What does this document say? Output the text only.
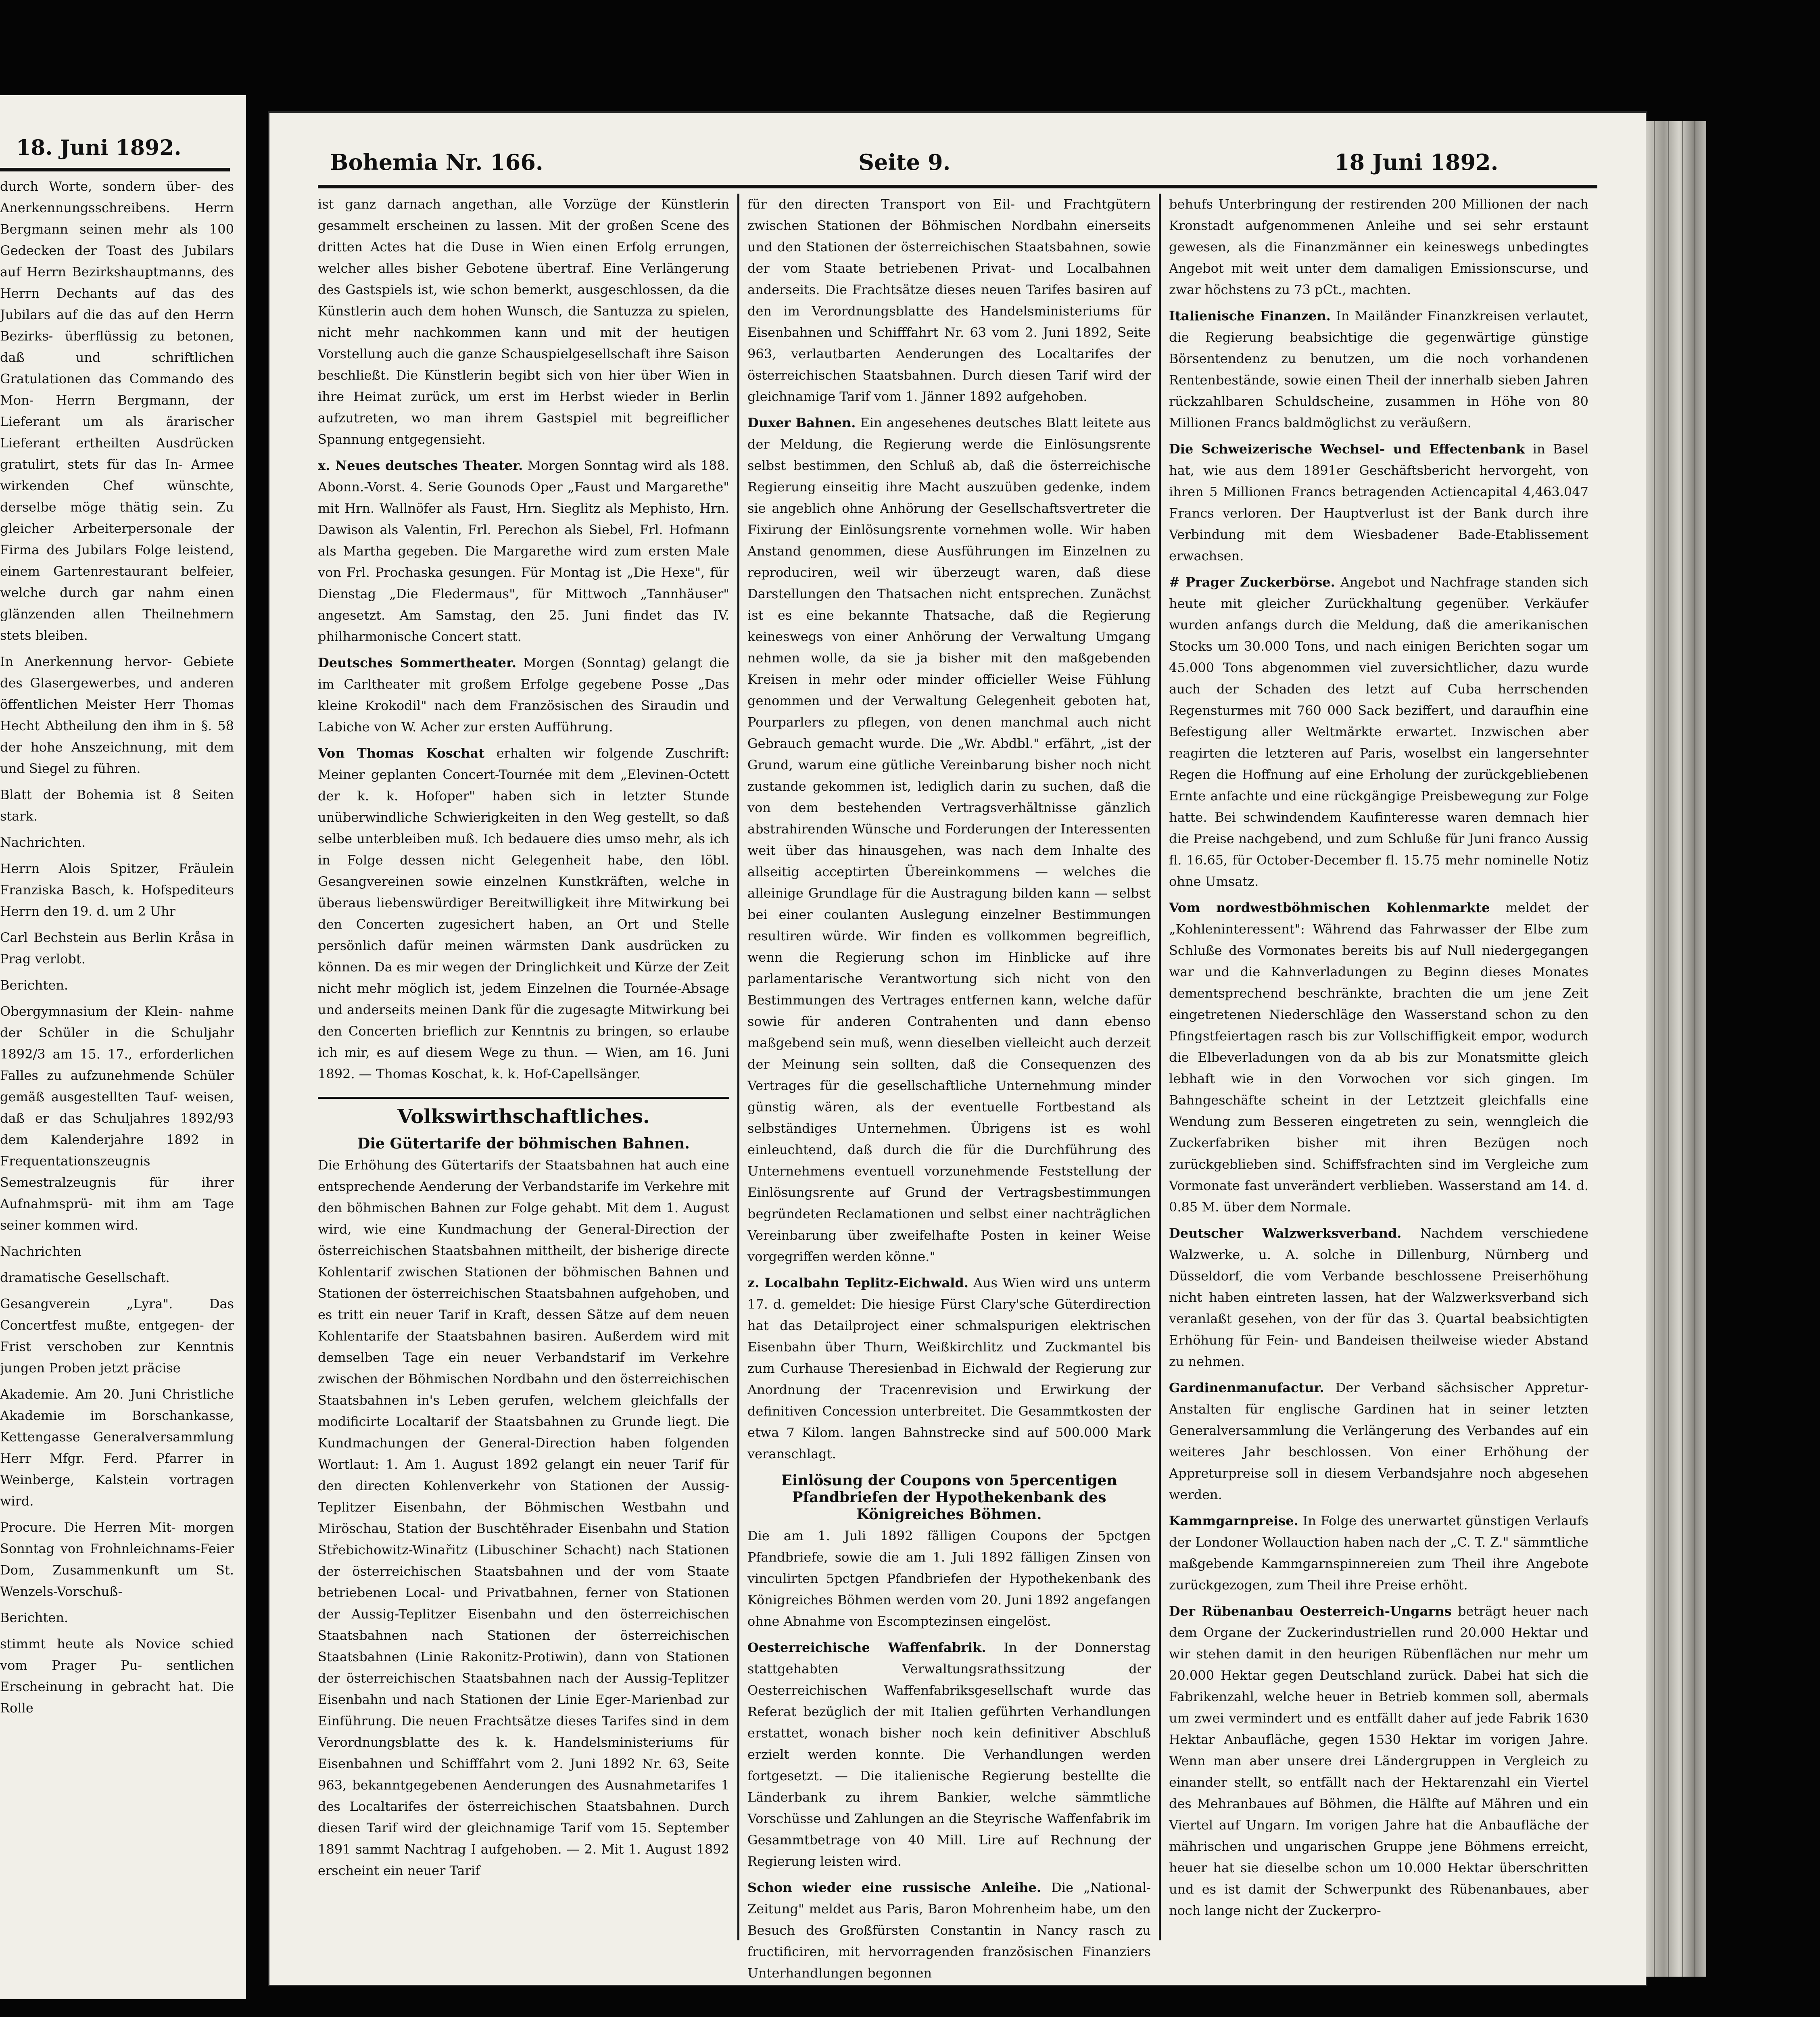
18. Juni 1892.

durch Worte, sondern über- des Anerkennungsschreibens. Herrn Bergmann seinen mehr als 100 Gedecken der Toast des Jubilars auf Herrn Bezirkshauptmanns, des Herrn Dechants auf das des Jubilars auf die das auf den Herrn Bezirks- überflüssig zu betonen, daß und schriftlichen Gratulationen das Commando des Mon- Herrn Bergmann, der Lieferant um als ärarischer Lieferant ertheilten Ausdrücken gratulirt, stets für das In- Armee wirkenden Chef wünschte, derselbe möge thätig sein. Zu gleicher Arbeiterpersonale der Firma des Jubilars Folge leistend, einem Gartenrestaurant belfeier, welche durch gar nahm einen glänzenden allen Theilnehmern stets bleiben.

In Anerkennung hervor- Gebiete des Glasergewerbes, und anderen öffentlichen Meister Herr Thomas Hecht Abtheilung den ihm in §. 58 der hohe Anszeichnung, mit dem und Siegel zu führen.

Blatt der Bohemia ist 8 Seiten stark.

Nachrichten.

Herrn Alois Spitzer, Fräulein Franziska Basch, k. Hofspediteurs Herrn den 19. d. um 2 Uhr

Carl Bechstein aus Berlin Kråsa in Prag verlobt.

Berichten.

Obergymnasium der Klein- nahme der Schüler in die Schuljahr 1892/3 am 15. 17., erforderlichen Falles zu aufzunehmende Schüler gemäß ausgestellten Tauf- weisen, daß er das Schuljahres 1892/93 dem Kalenderjahre 1892 in Frequentationszeugnis Semestralzeugnis für ihrer Aufnahmsprü- mit ihm am Tage seiner kommen wird.

Nachrichten

dramatische Gesellschaft.

Gesangverein „Lyra". Das Concertfest mußte, entgegen- der Frist verschoben zur Kenntnis jungen Proben jetzt präcise

Akademie. Am 20. Juni Christliche Akademie im Borschankasse, Kettengasse Generalversammlung Herr Mfgr. Ferd. Pfarrer in Weinberge, Kalstein vortragen wird.

Procure. Die Herren Mit- morgen Sonntag von Frohnleichnams-Feier Dom, Zusammenkunft um St. Wenzels-Vorschuß-

Berichten.

stimmt heute als Novice schied vom Prager Pu- sentlichen Erscheinung in gebracht hat. Die Rolle

Bohemia Nr. 166.	Seite 9.	18 Juni 1892.

ist ganz darnach angethan, alle Vorzüge der Künstlerin gesammelt erscheinen zu lassen. Mit der großen Scene des dritten Actes hat die Duse in Wien einen Erfolg errungen, welcher alles bisher Gebotene übertraf. Eine Verlängerung des Gastspiels ist, wie schon bemerkt, ausgeschlossen, da die Künstlerin auch dem hohen Wunsch, die Santuzza zu spielen, nicht mehr nachkommen kann und mit der heutigen Vorstellung auch die ganze Schauspielgesellschaft ihre Saison beschließt. Die Künstlerin begibt sich von hier über Wien in ihre Heimat zurück, um erst im Herbst wieder in Berlin aufzutreten, wo man ihrem Gastspiel mit begreiflicher Spannung entgegensieht.

x. Neues deutsches Theater. Morgen Sonntag wird als 188. Abonn.-Vorst. 4. Serie Gounods Oper „Faust und Margarethe" mit Hrn. Wallnöfer als Faust, Hrn. Sieglitz als Mephisto, Hrn. Dawison als Valentin, Frl. Perechon als Siebel, Frl. Hofmann als Martha gegeben. Die Margarethe wird zum ersten Male von Frl. Prochaska gesungen. Für Montag ist „Die Hexe", für Dienstag „Die Fledermaus", für Mittwoch „Tannhäuser" angesetzt. Am Samstag, den 25. Juni findet das IV. philharmonische Concert statt.

Deutsches Sommertheater. Morgen (Sonntag) gelangt die im Carltheater mit großem Erfolge gegebene Posse „Das kleine Krokodil" nach dem Französischen des Siraudin und Labiche von W. Acher zur ersten Aufführung.

Von Thomas Koschat erhalten wir folgende Zuschrift: Meiner geplanten Concert-Tournée mit dem „Elevinen-Octett der k. k. Hofoper" haben sich in letzter Stunde unüberwindliche Schwierigkeiten in den Weg gestellt, so daß selbe unterbleiben muß. Ich bedauere dies umso mehr, als ich in Folge dessen nicht Gelegenheit habe, den löbl. Gesangvereinen sowie einzelnen Kunstkräften, welche in überaus liebenswürdiger Bereitwilligkeit ihre Mitwirkung bei den Concerten zugesichert haben, an Ort und Stelle persönlich dafür meinen wärmsten Dank ausdrücken zu können. Da es mir wegen der Dringlichkeit und Kürze der Zeit nicht mehr möglich ist, jedem Einzelnen die Tournée-Absage und anderseits meinen Dank für die zugesagte Mitwirkung bei den Concerten brieflich zur Kenntnis zu bringen, so erlaube ich mir, es auf diesem Wege zu thun. — Wien, am 16. Juni 1892. — Thomas Koschat, k. k. Hof-Capellsänger.

Volkswirthschaftliches.
Die Gütertarife der böhmischen Bahnen.

Die Erhöhung des Gütertarifs der Staatsbahnen hat auch eine entsprechende Aenderung der Verbandstarife im Verkehre mit den böhmischen Bahnen zur Folge gehabt. Mit dem 1. August wird, wie eine Kundmachung der General-Direction der österreichischen Staatsbahnen mittheilt, der bisherige directe Kohlentarif zwischen Stationen der böhmischen Bahnen und Stationen der österreichischen Staatsbahnen aufgehoben, und es tritt ein neuer Tarif in Kraft, dessen Sätze auf dem neuen Kohlentarife der Staatsbahnen basiren. Außerdem wird mit demselben Tage ein neuer Verbandstarif im Verkehre zwischen der Böhmischen Nordbahn und den österreichischen Staatsbahnen in's Leben gerufen, welchem gleichfalls der modificirte Localtarif der Staatsbahnen zu Grunde liegt. Die Kundmachungen der General-Direction haben folgenden Wortlaut: 1. Am 1. August 1892 gelangt ein neuer Tarif für den directen Kohlenverkehr von Stationen der Aussig-Teplitzer Eisenbahn, der Böhmischen Westbahn und Miröschau, Station der Buschtěhrader Eisenbahn und Station Střebichowitz-Winařitz (Libuschiner Schacht) nach Stationen der österreichischen Staatsbahnen und der vom Staate betriebenen Local- und Privatbahnen, ferner von Stationen der Aussig-Teplitzer Eisenbahn und den österreichischen Staatsbahnen nach Stationen der österreichischen Staatsbahnen (Linie Rakonitz-Protiwin), dann von Stationen der österreichischen Staatsbahnen nach der Aussig-Teplitzer Eisenbahn und nach Stationen der Linie Eger-Marienbad zur Einführung. Die neuen Frachtsätze dieses Tarifes sind in dem Verordnungsblatte des k. k. Handelsministeriums für Eisenbahnen und Schifffahrt vom 2. Juni 1892 Nr. 63, Seite 963, bekanntgegebenen Aenderungen des Ausnahmetarifes 1 des Localtarifes der österreichischen Staatsbahnen. Durch diesen Tarif wird der gleichnamige Tarif vom 15. September 1891 sammt Nachtrag I aufgehoben. — 2. Mit 1. August 1892 erscheint ein neuer Tarif

für den directen Transport von Eil- und Frachtgütern zwischen Stationen der Böhmischen Nordbahn einerseits und den Stationen der österreichischen Staatsbahnen, sowie der vom Staate betriebenen Privat- und Localbahnen anderseits. Die Frachtsätze dieses neuen Tarifes basiren auf den im Verordnungsblatte des Handelsministeriums für Eisenbahnen und Schifffahrt Nr. 63 vom 2. Juni 1892, Seite 963, verlautbarten Aenderungen des Localtarifes der österreichischen Staatsbahnen. Durch diesen Tarif wird der gleichnamige Tarif vom 1. Jänner 1892 aufgehoben.

Duxer Bahnen. Ein angesehenes deutsches Blatt leitete aus der Meldung, die Regierung werde die Einlösungsrente selbst bestimmen, den Schluß ab, daß die österreichische Regierung einseitig ihre Macht auszuüben gedenke, indem sie angeblich ohne Anhörung der Gesellschaftsvertreter die Fixirung der Einlösungsrente vornehmen wolle. Wir haben Anstand genommen, diese Ausführungen im Einzelnen zu reproduciren, weil wir überzeugt waren, daß diese Darstellungen den Thatsachen nicht entsprechen. Zunächst ist es eine bekannte Thatsache, daß die Regierung keineswegs von einer Anhörung der Verwaltung Umgang nehmen wolle, da sie ja bisher mit den maßgebenden Kreisen in mehr oder minder officieller Weise Fühlung genommen und der Verwaltung Gelegenheit geboten hat, Pourparlers zu pflegen, von denen manchmal auch nicht Gebrauch gemacht wurde. Die „Wr. Abdbl." erfährt, „ist der Grund, warum eine gütliche Vereinbarung bisher noch nicht zustande gekommen ist, lediglich darin zu suchen, daß die von dem bestehenden Vertragsverhältnisse gänzlich abstrahirenden Wünsche und Forderungen der Interessenten weit über das hinausgehen, was nach dem Inhalte des allseitig acceptirten Übereinkommens — welches die alleinige Grundlage für die Austragung bilden kann — selbst bei einer coulanten Auslegung einzelner Bestimmungen resultiren würde. Wir finden es vollkommen begreiflich, wenn die Regierung schon im Hinblicke auf ihre parlamentarische Verantwortung sich nicht von den Bestimmungen des Vertrages entfernen kann, welche dafür sowie für anderen Contrahenten und dann ebenso maßgebend sein muß, wenn dieselben vielleicht auch derzeit der Meinung sein sollten, daß die Consequenzen des Vertrages für die gesellschaftliche Unternehmung minder günstig wären, als der eventuelle Fortbestand als selbständiges Unternehmen. Übrigens ist es wohl einleuchtend, daß durch die für die Durchführung des Unternehmens eventuell vorzunehmende Feststellung der Einlösungsrente auf Grund der Vertragsbestimmungen begründeten Reclamationen und selbst einer nachträglichen Vereinbarung über zweifelhafte Posten in keiner Weise vorgegriffen werden könne."

z. Localbahn Teplitz-Eichwald. Aus Wien wird uns unterm 17. d. gemeldet: Die hiesige Fürst Clary'sche Güterdirection hat das Detailproject einer schmalspurigen elektrischen Eisenbahn über Thurn, Weißkirchlitz und Zuckmantel bis zum Curhause Theresienbad in Eichwald der Regierung zur Anordnung der Tracenrevision und Erwirkung der definitiven Concession unterbreitet. Die Gesammtkosten der etwa 7 Kilom. langen Bahnstrecke sind auf 500.000 Mark veranschlagt.

Einlösung der Coupons von 5percentigen Pfandbriefen der Hypothekenbank des Königreiches Böhmen.

Die am 1. Juli 1892 fälligen Coupons der 5pctgen Pfandbriefe, sowie die am 1. Juli 1892 fälligen Zinsen von vinculirten 5pctgen Pfandbriefen der Hypothekenbank des Königreiches Böhmen werden vom 20. Juni 1892 angefangen ohne Abnahme von Escomptezinsen eingelöst.

Oesterreichische Waffenfabrik. In der Donnerstag stattgehabten Verwaltungsrathssitzung der Oesterreichischen Waffenfabriksgesellschaft wurde das Referat bezüglich der mit Italien geführten Verhandlungen erstattet, wonach bisher noch kein definitiver Abschluß erzielt werden konnte. Die Verhandlungen werden fortgesetzt. — Die italienische Regierung bestellte die Länderbank zu ihrem Bankier, welche sämmtliche Vorschüsse und Zahlungen an die Steyrische Waffenfabrik im Gesammtbetrage von 40 Mill. Lire auf Rechnung der Regierung leisten wird.

Schon wieder eine russische Anleihe. Die „National-Zeitung" meldet aus Paris, Baron Mohrenheim habe, um den Besuch des Großfürsten Constantin in Nancy rasch zu fructificiren, mit hervorragenden französischen Finanziers Unterhandlungen begonnen

behufs Unterbringung der restirenden 200 Millionen der nach Kronstadt aufgenommenen Anleihe und sei sehr erstaunt gewesen, als die Finanzmänner ein keineswegs unbedingtes Angebot mit weit unter dem damaligen Emissionscurse, und zwar höchstens zu 73 pCt., machten.

Italienische Finanzen. In Mailänder Finanzkreisen verlautet, die Regierung beabsichtige die gegenwärtige günstige Börsentendenz zu benutzen, um die noch vorhandenen Rentenbestände, sowie einen Theil der innerhalb sieben Jahren rückzahlbaren Schuldscheine, zusammen in Höhe von 80 Millionen Francs baldmöglichst zu veräußern.

Die Schweizerische Wechsel- und Effectenbank in Basel hat, wie aus dem 1891er Geschäftsbericht hervorgeht, von ihren 5 Millionen Francs betragenden Actiencapital 4,463.047 Francs verloren. Der Hauptverlust ist der Bank durch ihre Verbindung mit dem Wiesbadener Bade-Etablissement erwachsen.

# Prager Zuckerbörse. Angebot und Nachfrage standen sich heute mit gleicher Zurückhaltung gegenüber. Verkäufer wurden anfangs durch die Meldung, daß die amerikanischen Stocks um 30.000 Tons, und nach einigen Berichten sogar um 45.000 Tons abgenommen viel zuversichtlicher, dazu wurde auch der Schaden des letzt auf Cuba herrschenden Regensturmes mit 760 000 Sack beziffert, und daraufhin eine Befestigung aller Weltmärkte erwartet. Inzwischen aber reagirten die letzteren auf Paris, woselbst ein langersehnter Regen die Hoffnung auf eine Erholung der zurückgebliebenen Ernte anfachte und eine rückgängige Preisbewegung zur Folge hatte. Bei schwindendem Kaufinteresse waren demnach hier die Preise nachgebend, und zum Schluße für Juni franco Aussig fl. 16.65, für October-December fl. 15.75 mehr nominelle Notiz ohne Umsatz.

Vom nordwestböhmischen Kohlenmarkte meldet der „Kohleninteressent": Während das Fahrwasser der Elbe zum Schluße des Vormonates bereits bis auf Null niedergegangen war und die Kahnverladungen zu Beginn dieses Monates dementsprechend beschränkte, brachten die um jene Zeit eingetretenen Niederschläge den Wasserstand schon zu den Pfingstfeiertagen rasch bis zur Vollschiffigkeit empor, wodurch die Elbeverladungen von da ab bis zur Monatsmitte gleich lebhaft wie in den Vorwochen vor sich gingen. Im Bahngeschäfte scheint in der Letztzeit gleichfalls eine Wendung zum Besseren eingetreten zu sein, wenngleich die Zuckerfabriken bisher mit ihren Bezügen noch zurückgeblieben sind. Schiffsfrachten sind im Vergleiche zum Vormonate fast unverändert verblieben. Wasserstand am 14. d. 0.85 M. über dem Normale.

Deutscher Walzwerksverband. Nachdem verschiedene Walzwerke, u. A. solche in Dillenburg, Nürnberg und Düsseldorf, die vom Verbande beschlossene Preiserhöhung nicht haben eintreten lassen, hat der Walzwerksverband sich veranlaßt gesehen, von der für das 3. Quartal beabsichtigten Erhöhung für Fein- und Bandeisen theilweise wieder Abstand zu nehmen.

Gardinenmanufactur. Der Verband sächsischer Appretur-Anstalten für englische Gardinen hat in seiner letzten Generalversammlung die Verlängerung des Verbandes auf ein weiteres Jahr beschlossen. Von einer Erhöhung der Appreturpreise soll in diesem Verbandsjahre noch abgesehen werden.

Kammgarnpreise. In Folge des unerwartet günstigen Verlaufs der Londoner Wollauction haben nach der „C. T. Z." sämmtliche maßgebende Kammgarnspinnereien zum Theil ihre Angebote zurückgezogen, zum Theil ihre Preise erhöht.

Der Rübenanbau Oesterreich-Ungarns beträgt heuer nach dem Organe der Zuckerindustriellen rund 20.000 Hektar und wir stehen damit in den heurigen Rübenflächen nur mehr um 20.000 Hektar gegen Deutschland zurück. Dabei hat sich die Fabrikenzahl, welche heuer in Betrieb kommen soll, abermals um zwei vermindert und es entfällt daher auf jede Fabrik 1630 Hektar Anbaufläche, gegen 1530 Hektar im vorigen Jahre. Wenn man aber unsere drei Ländergruppen in Vergleich zu einander stellt, so entfällt nach der Hektarenzahl ein Viertel des Mehranbaues auf Böhmen, die Hälfte auf Mähren und ein Viertel auf Ungarn. Im vorigen Jahre hat die Anbaufläche der mährischen und ungarischen Gruppe jene Böhmens erreicht, heuer hat sie dieselbe schon um 10.000 Hektar überschritten und es ist damit der Schwerpunkt des Rübenanbaues, aber noch lange nicht der Zuckerpro-
